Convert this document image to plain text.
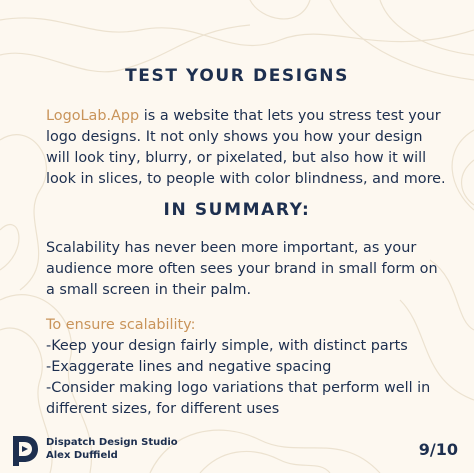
TEST YOUR DESIGNS

LogoLab.App is a website that lets you stress test your logo designs. It not only shows you how your design will look tiny, blurry, or pixelated, but also how it will look in slices, to people with color blindness, and more.

IN SUMMARY:

Scalability has never been more important, as your audience more often sees your brand in small form on a small screen in their palm.

To ensure scalability:
-Keep your design fairly simple, with distinct parts
-Exaggerate lines and negative spacing
-Consider making logo variations that perform well in different sizes, for different uses
Dispatch Design Studio
Alex Duffield	9/10
